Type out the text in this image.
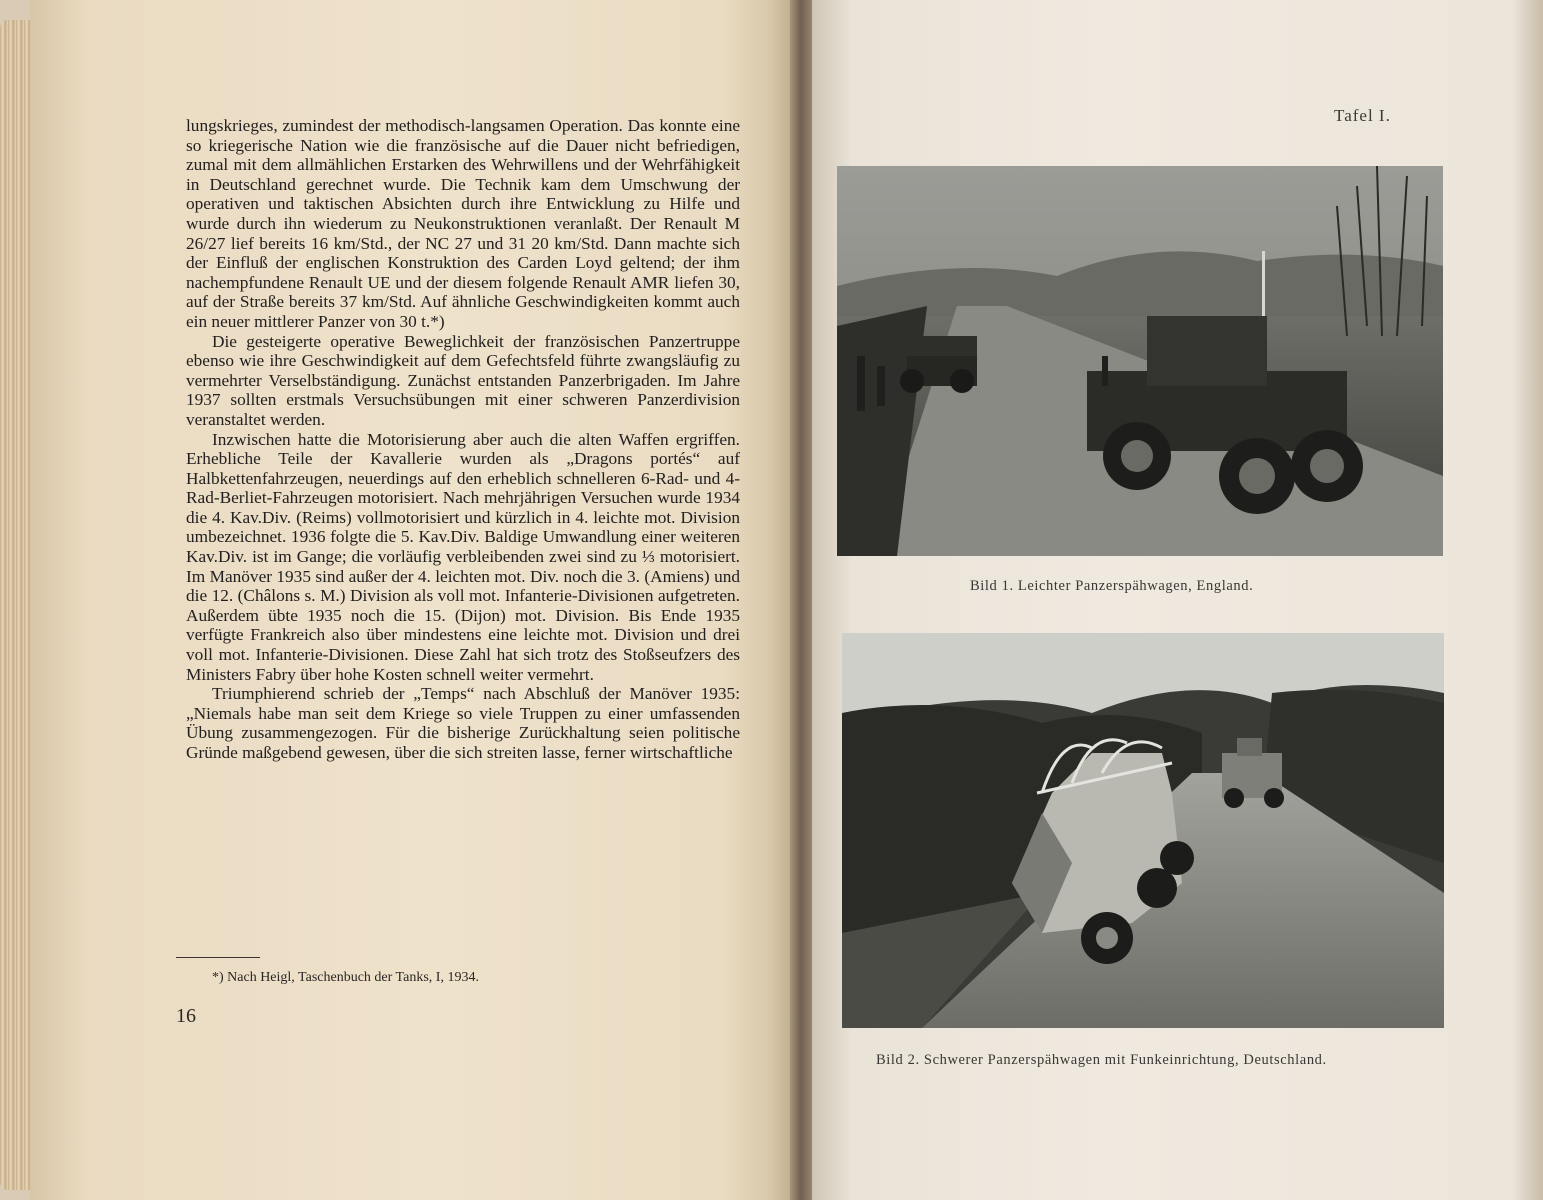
lungskrieges, zumindest der methodisch-langsamen Operation. Das konnte eine so kriegerische Nation wie die französische auf die Dauer nicht befriedigen, zumal mit dem allmählichen Erstarken des Wehrwillens und der Wehrfähigkeit in Deutschland gerechnet wurde. Die Technik kam dem Umschwung der operativen und taktischen Absichten durch ihre Entwicklung zu Hilfe und wurde durch ihn wiederum zu Neukonstruktionen veranlaßt. Der Renault M 26/27 lief bereits 16 km/Std., der NC 27 und 31 20 km/Std. Dann machte sich der Einfluß der englischen Konstruktion des Carden Loyd geltend; der ihm nachempfundene Renault UE und der diesem folgende Renault AMR liefen 30, auf der Straße bereits 37 km/Std. Auf ähnliche Geschwindigkeiten kommt auch ein neuer mittlerer Panzer von 30 t.*)

Die gesteigerte operative Beweglichkeit der französischen Panzertruppe ebenso wie ihre Geschwindigkeit auf dem Gefechtsfeld führte zwangsläufig zu vermehrter Verselbständigung. Zunächst entstanden Panzerbrigaden. Im Jahre 1937 sollten erstmals Versuchsübungen mit einer schweren Panzerdivision veranstaltet werden.

Inzwischen hatte die Motorisierung aber auch die alten Waffen ergriffen. Erhebliche Teile der Kavallerie wurden als „Dragons portés“ auf Halbkettenfahrzeugen, neuerdings auf den erheblich schnelleren 6-Rad- und 4-Rad-Berliet-Fahrzeugen motorisiert. Nach mehrjährigen Versuchen wurde 1934 die 4. Kav.Div. (Reims) vollmotorisiert und kürzlich in 4. leichte mot. Division umbezeichnet. 1936 folgte die 5. Kav.Div. Baldige Umwandlung einer weiteren Kav.Div. ist im Gange; die vorläufig verbleibenden zwei sind zu ⅓ motorisiert. Im Manöver 1935 sind außer der 4. leichten mot. Div. noch die 3. (Amiens) und die 12. (Châlons s. M.) Division als voll mot. Infanterie-Divisionen aufgetreten. Außerdem übte 1935 noch die 15. (Dijon) mot. Division. Bis Ende 1935 verfügte Frankreich also über mindestens eine leichte mot. Division und drei voll mot. Infanterie-Divisionen. Diese Zahl hat sich trotz des Stoßseufzers des Ministers Fabry über hohe Kosten schnell weiter vermehrt.

Triumphierend schrieb der „Temps“ nach Abschluß der Manöver 1935: „Niemals habe man seit dem Kriege so viele Truppen zu einer umfassenden Übung zusammengezogen. Für die bisherige Zurückhaltung seien politische Gründe maßgebend gewesen, über die sich streiten lasse, ferner wirtschaftliche

*) Nach Heigl, Taschenbuch der Tanks, I, 1934.
16
Tafel I.
Bild 1. Leichter Panzerspähwagen, England.
Bild 2. Schwerer Panzerspähwagen mit Funkeinrichtung, Deutschland.
